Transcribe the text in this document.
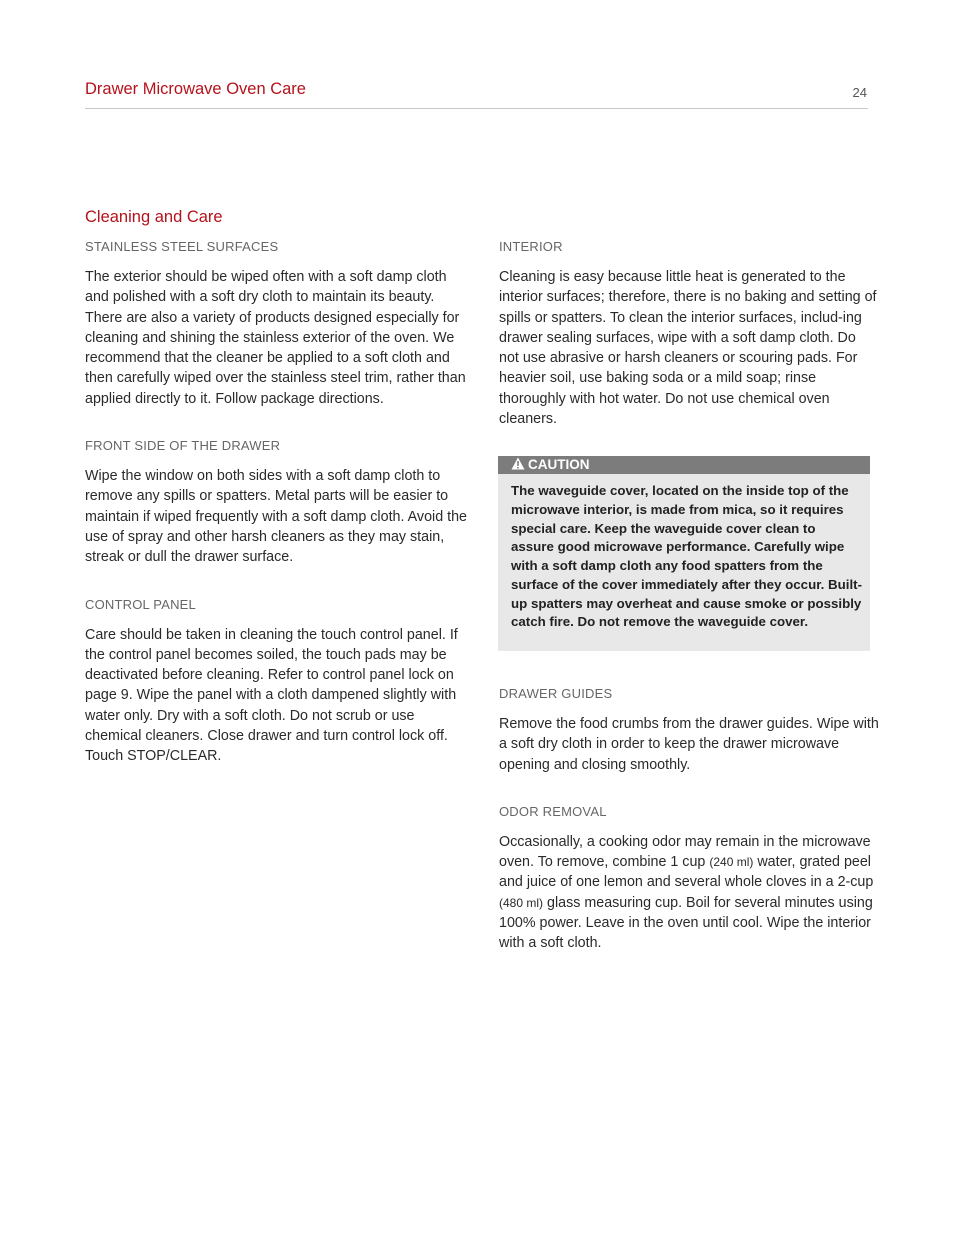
Drawer Microwave Oven Care	24
Cleaning and Care

STAINLESS STEEL SURFACES

The exterior should be wiped often with a soft damp cloth and polished with a soft dry cloth to maintain its beauty. There are also a variety of products designed especially for cleaning and shining the stainless exterior of the oven. We recommend that the cleaner be applied to a soft cloth and then carefully wiped over the stainless steel trim, rather than applied directly to it. Follow package directions.

FRONT SIDE OF THE DRAWER

Wipe the window on both sides with a soft damp cloth to remove any spills or spatters. Metal parts will be easier to maintain if wiped frequently with a soft damp cloth. Avoid the use of spray and other harsh cleaners as they may stain, streak or dull the drawer surface.

CONTROL PANEL

Care should be taken in cleaning the touch control panel. If the control panel becomes soiled, the touch pads may be deactivated before cleaning. Refer to control panel lock on page 9. Wipe the panel with a cloth dampened slightly with water only. Dry with a soft cloth. Do not scrub or use chemical cleaners. Close drawer and turn control lock off. Touch STOP/CLEAR.

INTERIOR

Cleaning is easy because little heat is generated to the interior surfaces; therefore, there is no baking and setting of spills or spatters. To clean the interior surfaces, includ-ing drawer sealing surfaces, wipe with a soft damp cloth. Do not use abrasive or harsh cleaners or scouring pads. For heavier soil, use baking soda or a mild soap; rinse thoroughly with hot water. Do not use chemical oven cleaners.

CAUTION
The waveguide cover, located on the inside top of the microwave interior, is made from mica, so it requires special care. Keep the waveguide cover clean to assure good microwave performance. Carefully wipe with a soft damp cloth any food spatters from the surface of the cover immediately after they occur. Built-up spatters may overheat and cause smoke or possibly catch fire. Do not remove the waveguide cover.

DRAWER GUIDES

Remove the food crumbs from the drawer guides. Wipe with a soft dry cloth in order to keep the drawer microwave opening and closing smoothly.

ODOR REMOVAL

Occasionally, a cooking odor may remain in the microwave oven. To remove, combine 1 cup (240 ml) water, grated peel and juice of one lemon and several whole cloves in a 2-cup (480 ml) glass measuring cup. Boil for several minutes using 100% power. Leave in the oven until cool. Wipe the interior with a soft cloth.
